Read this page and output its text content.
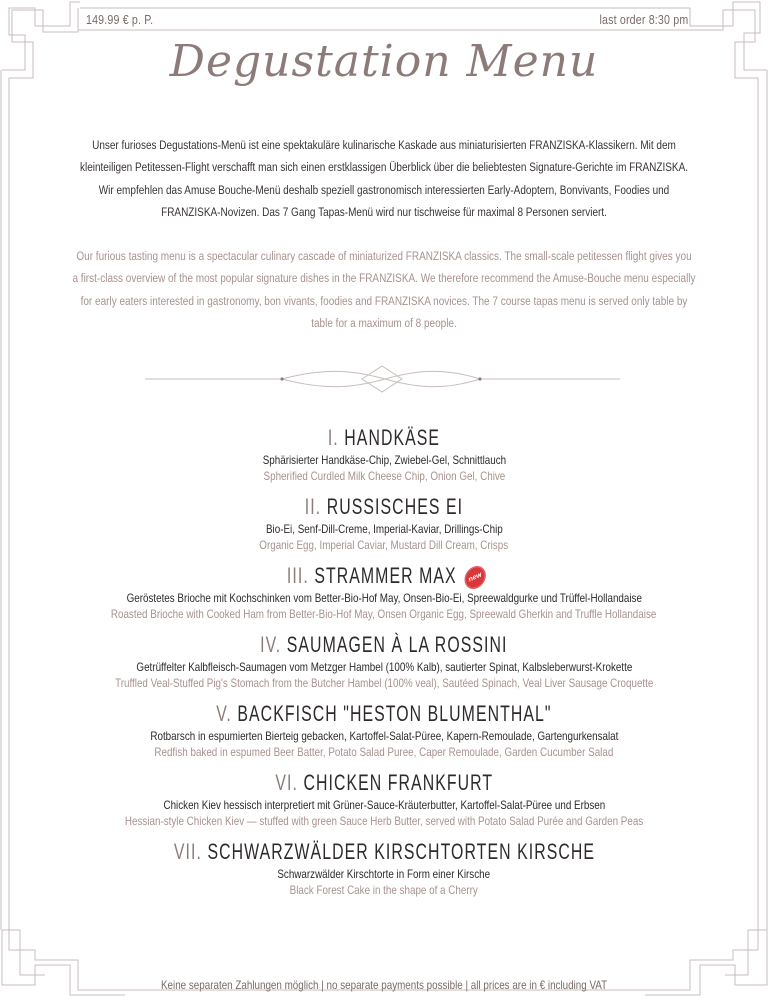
149.99 € p. P.	last order 8:30 pm
Degustation Menu
Unser furioses Degustations-Menü ist eine spektakuläre kulinarische Kaskade aus miniaturisierten FRANZISKA-Klassikern. Mit dem kleinteiligen Petitessen-Flight verschafft man sich einen erstklassigen Überblick über die beliebtesten Signature-Gerichte im FRANZISKA. Wir empfehlen das Amuse Bouche-Menü deshalb speziell gastronomisch interessierten Early-Adoptern, Bonvivants, Foodies und FRANZISKA-Novizen. Das 7 Gang Tapas-Menü wird nur tischweise für maximal 8 Personen serviert.
Our furious tasting menu is a spectacular culinary cascade of miniaturized FRANZISKA classics. The small-scale petitessen flight gives you a first-class overview of the most popular signature dishes in the FRANZISKA. We therefore recommend the Amuse-Bouche menu especially for early eaters interested in gastronomy, bon vivants, foodies and FRANZISKA novices. The 7 course tapas menu is served only table by table for a maximum of 8 people.
I. HANDKÄSE
Sphärisierter Handkäse-Chip, Zwiebel-Gel, Schnittlauch
Spherified Curdled Milk Cheese Chip, Onion Gel, Chive
II. RUSSISCHES EI
Bio-Ei, Senf-Dill-Creme, Imperial-Kaviar, Drillings-Chip
Organic Egg, Imperial Caviar, Mustard Dill Cream, Crisps
III. STRAMMER MAX new
Geröstetes Brioche mit Kochschinken vom Better-Bio-Hof May, Onsen-Bio-Ei, Spreewaldgurke und Trüffel-Hollandaise
Roasted Brioche with Cooked Ham from Better-Bio-Hof May, Onsen Organic Egg, Spreewald Gherkin and Truffle Hollandaise
IV. SAUMAGEN À LA ROSSINI
Getrüffelter Kalbfleisch-Saumagen vom Metzger Hambel (100% Kalb), sautierter Spinat, Kalbsleberwurst-Krokette
Truffled Veal-Stuffed Pig's Stomach from the Butcher Hambel (100% veal), Sautéed Spinach, Veal Liver Sausage Croquette
V. BACKFISCH "HESTON BLUMENTHAL"
Rotbarsch in espumierten Bierteig gebacken, Kartoffel-Salat-Püree, Kapern-Remoulade, Gartengurkensalat
Redfish baked in espumed Beer Batter, Potato Salad Puree, Caper Remoulade, Garden Cucumber Salad
VI. CHICKEN FRANKFURT
Chicken Kiev hessisch interpretiert mit Grüner-Sauce-Kräuterbutter, Kartoffel-Salat-Püree und Erbsen
Hessian-style Chicken Kiev — stuffed with green Sauce Herb Butter, served with Potato Salad Purée and Garden Peas
VII. SCHWARZWÄLDER KIRSCHTORTEN KIRSCHE
Schwarzwälder Kirschtorte in Form einer Kirsche
Black Forest Cake in the shape of a Cherry
Keine separaten Zahlungen möglich | no separate payments possible | all prices are in € including VAT
